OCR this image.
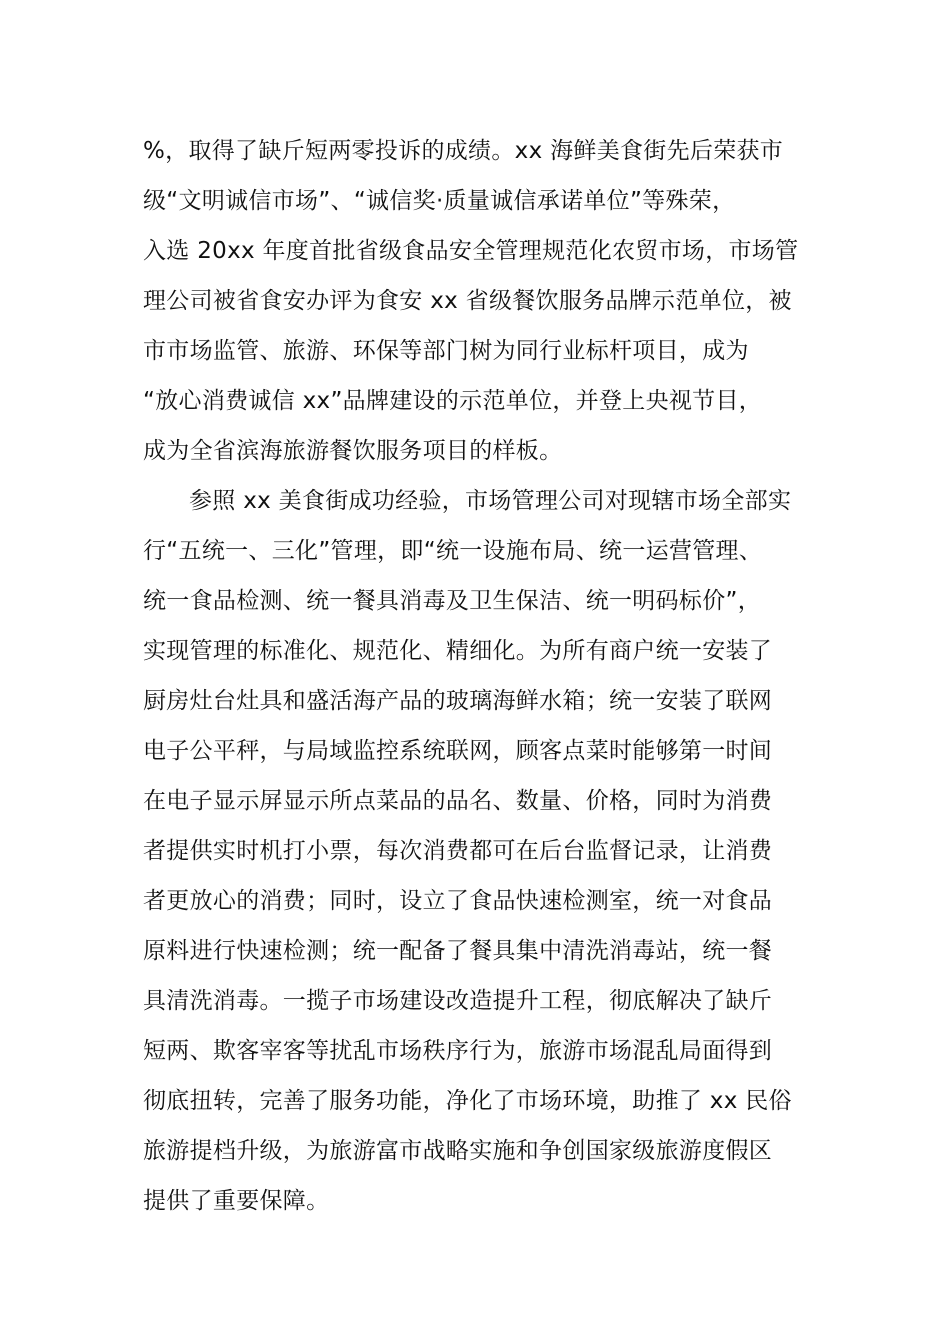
%，取得了缺斤短两零投诉的成绩。xx 海鲜美食街先后荣获市
级“文明诚信市场”、“诚信奖·质量诚信承诺单位”等殊荣，
入选 20xx 年度首批省级食品安全管理规范化农贸市场，市场管
理公司被省食安办评为食安 xx 省级餐饮服务品牌示范单位，被
市市场监管、旅游、环保等部门树为同行业标杆项目，成为
“放心消费诚信 xx”品牌建设的示范单位，并登上央视节目，
成为全省滨海旅游餐饮服务项目的样板。
参照 xx 美食街成功经验，市场管理公司对现辖市场全部实
行“五统一、三化”管理，即“统一设施布局、统一运营管理、
统一食品检测、统一餐具消毒及卫生保洁、统一明码标价”，
实现管理的标准化、规范化、精细化。为所有商户统一安装了
厨房灶台灶具和盛活海产品的玻璃海鲜水箱；统一安装了联网
电子公平秤，与局域监控系统联网，顾客点菜时能够第一时间
在电子显示屏显示所点菜品的品名、数量、价格，同时为消费
者提供实时机打小票，每次消费都可在后台监督记录，让消费
者更放心的消费；同时，设立了食品快速检测室，统一对食品
原料进行快速检测；统一配备了餐具集中清洗消毒站，统一餐
具清洗消毒。一揽子市场建设改造提升工程，彻底解决了缺斤
短两、欺客宰客等扰乱市场秩序行为，旅游市场混乱局面得到
彻底扭转，完善了服务功能，净化了市场环境，助推了 xx 民俗
旅游提档升级，为旅游富市战略实施和争创国家级旅游度假区
提供了重要保障。
